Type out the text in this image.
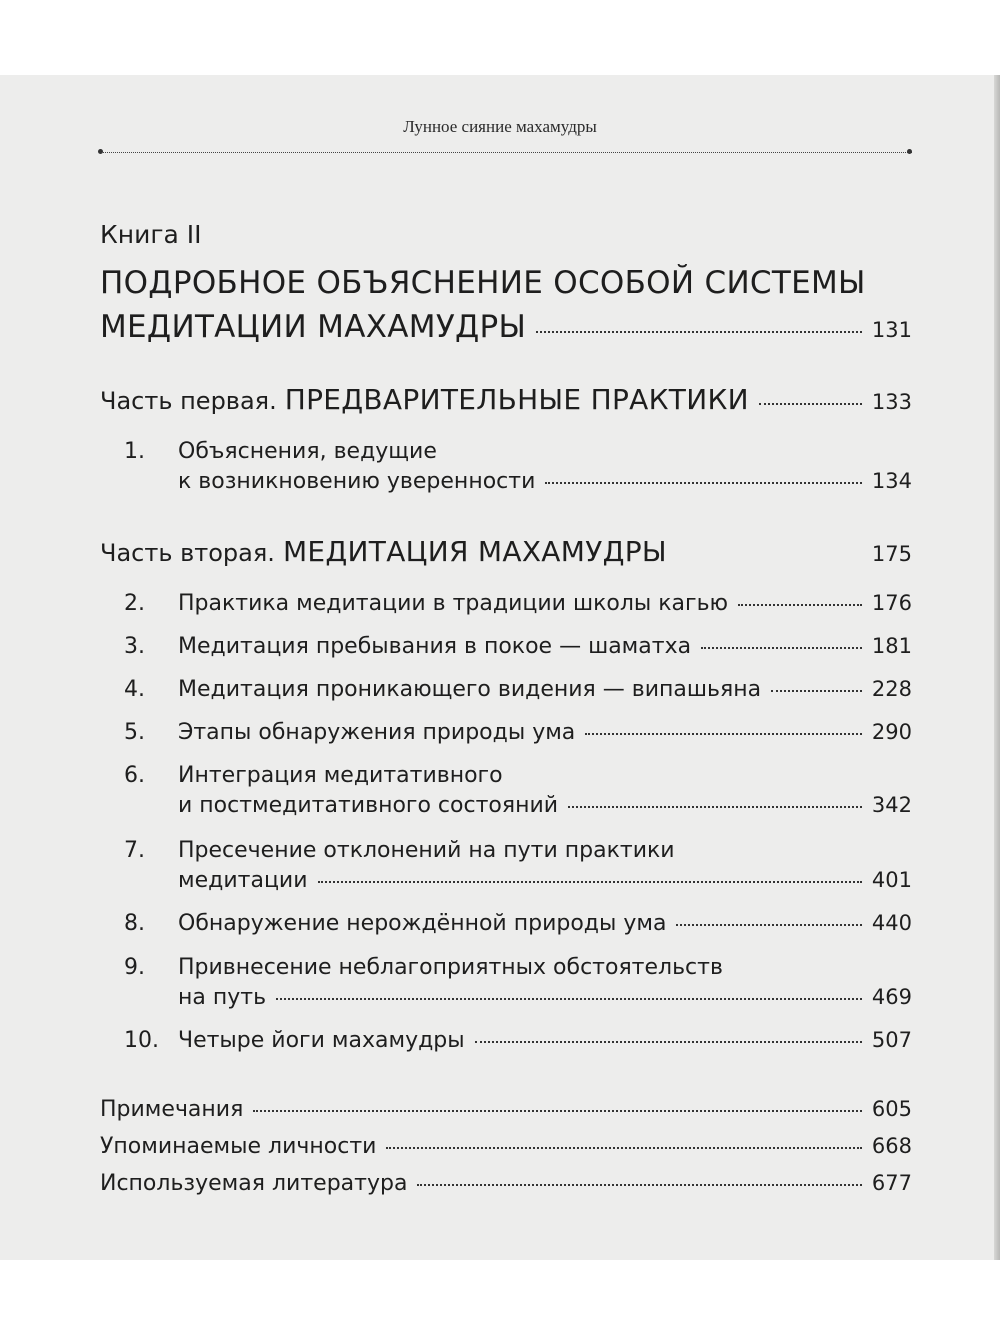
Лунное сияние махамудры
Книга II
ПОДРОБНОЕ ОБЪЯСНЕНИЕ ОСОБОЙ СИСТЕМЫ
МЕДИТАЦИИ МАХАМУДРЫ	131
Часть первая. ПРЕДВАРИТЕЛЬНЫЕ ПРАКТИКИ	133
1.	Объяснения, ведущие
к возникновению уверенности	134
Часть вторая. МЕДИТАЦИЯ МАХАМУДРЫ	175
2.	Практика медитации в традиции школы кагью	176
3.	Медитация пребывания в покое — шаматха	181
4.	Медитация проникающего видения — випашьяна	228
5.	Этапы обнаружения природы ума	290
6.	Интеграция медитативного
и постмедитативного состояний	342
7.	Пресечение отклонений на пути практики
медитации	401
8.	Обнаружение нерождённой природы ума	440
9.	Привнесение неблагоприятных обстоятельств
на путь	469
10. Четыре йоги махамудры	507
Примечания	605
Упоминаемые личности	668
Используемая литература	677
